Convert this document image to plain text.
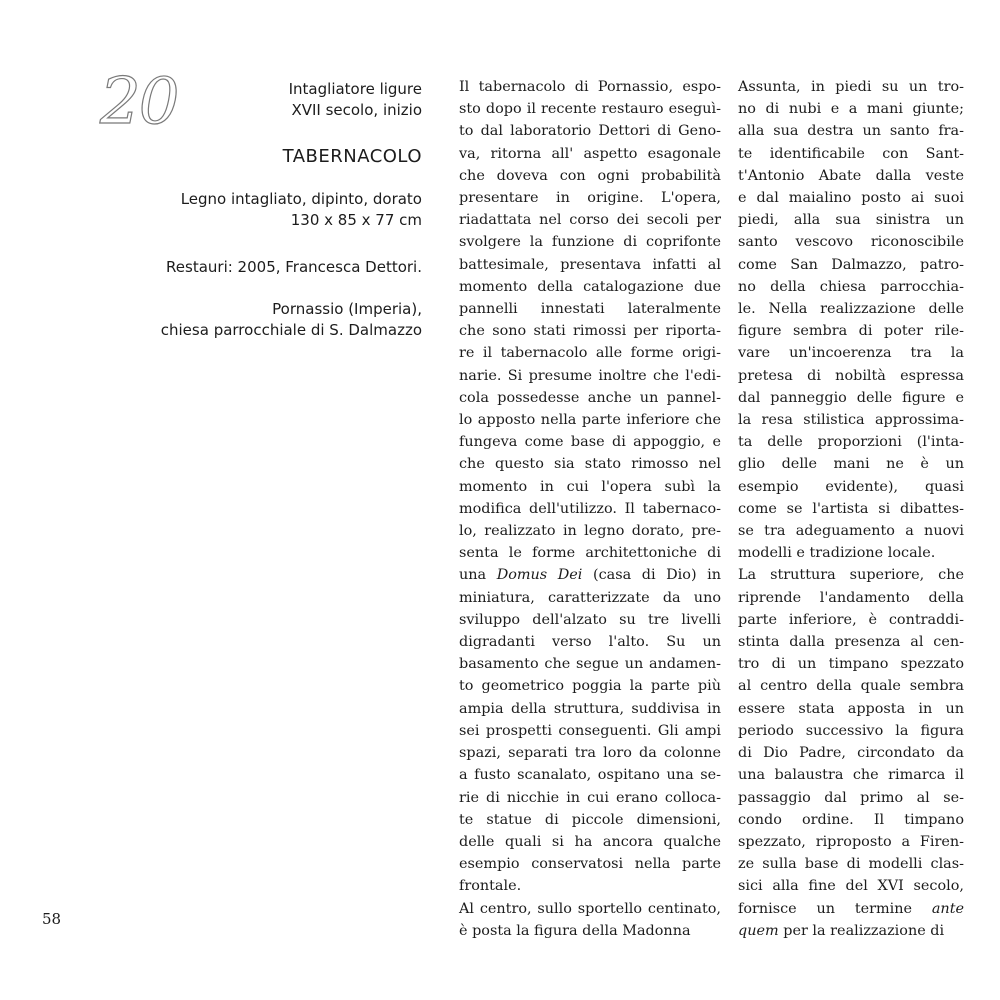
20	Intagliatore ligure
XVII secolo, inizio
TABERNACOLO
Legno intagliato, dipinto, dorato
130 x 85 x 77 cm
Restauri: 2005, Francesca Dettori.
Pornassio (Imperia),
chiesa parrocchiale di S. Dalmazzo
Il tabernacolo di Pornassio, espo-
sto dopo il recente restauro eseguì-
to dal laboratorio Dettori di Geno-
va, ritorna all' aspetto esagonale
che doveva con ogni probabilità
presentare in origine. L'opera,
riadattata nel corso dei secoli per
svolgere la funzione di coprifonte
battesimale, presentava infatti al
momento della catalogazione due
pannelli innestati lateralmente
che sono stati rimossi per riporta-
re il tabernacolo alle forme origi-
narie. Si presume inoltre che l'edi-
cola possedesse anche un pannel-
lo apposto nella parte inferiore che
fungeva come base di appoggio, e
che questo sia stato rimosso nel
momento in cui l'opera subì la
modifica dell'utilizzo. Il tabernaco-
lo, realizzato in legno dorato, pre-
senta le forme architettoniche di
una Domus Dei (casa di Dio) in
miniatura, caratterizzate da uno
sviluppo dell'alzato su tre livelli
digradanti verso l'alto. Su un
basamento che segue un andamen-
to geometrico poggia la parte più
ampia della struttura, suddivisa in
sei prospetti conseguenti. Gli ampi
spazi, separati tra loro da colonne
a fusto scanalato, ospitano una se-
rie di nicchie in cui erano colloca-
te statue di piccole dimensioni,
delle quali si ha ancora qualche
esempio conservatosi nella parte
frontale.
Al centro, sullo sportello centinato,
è posta la figura della Madonna
Assunta, in piedi su un tro-
no di nubi e a mani giunte;
alla sua destra un santo fra-
te identificabile con Sant-
t'Antonio Abate dalla veste
e dal maialino posto ai suoi
piedi, alla sua sinistra un
santo vescovo riconoscibile
come San Dalmazzo, patro-
no della chiesa parrocchia-
le. Nella realizzazione delle
figure sembra di poter rile-
vare un'incoerenza tra la
pretesa di nobiltà espressa
dal panneggio delle figure e
la resa stilistica approssima-
ta delle proporzioni (l'inta-
glio delle mani ne è un
esempio evidente), quasi
come se l'artista si dibattes-
se tra adeguamento a nuovi
modelli e tradizione locale.
La struttura superiore, che
riprende l'andamento della
parte inferiore, è contraddi-
stinta dalla presenza al cen-
tro di un timpano spezzato
al centro della quale sembra
essere stata apposta in un
periodo successivo la figura
di Dio Padre, circondato da
una balaustra che rimarca il
passaggio dal primo al se-
condo ordine. Il timpano
spezzato, riproposto a Firen-
ze sulla base di modelli clas-
sici alla fine del XVI secolo,
fornisce un termine ante
quem per la realizzazione di
58
